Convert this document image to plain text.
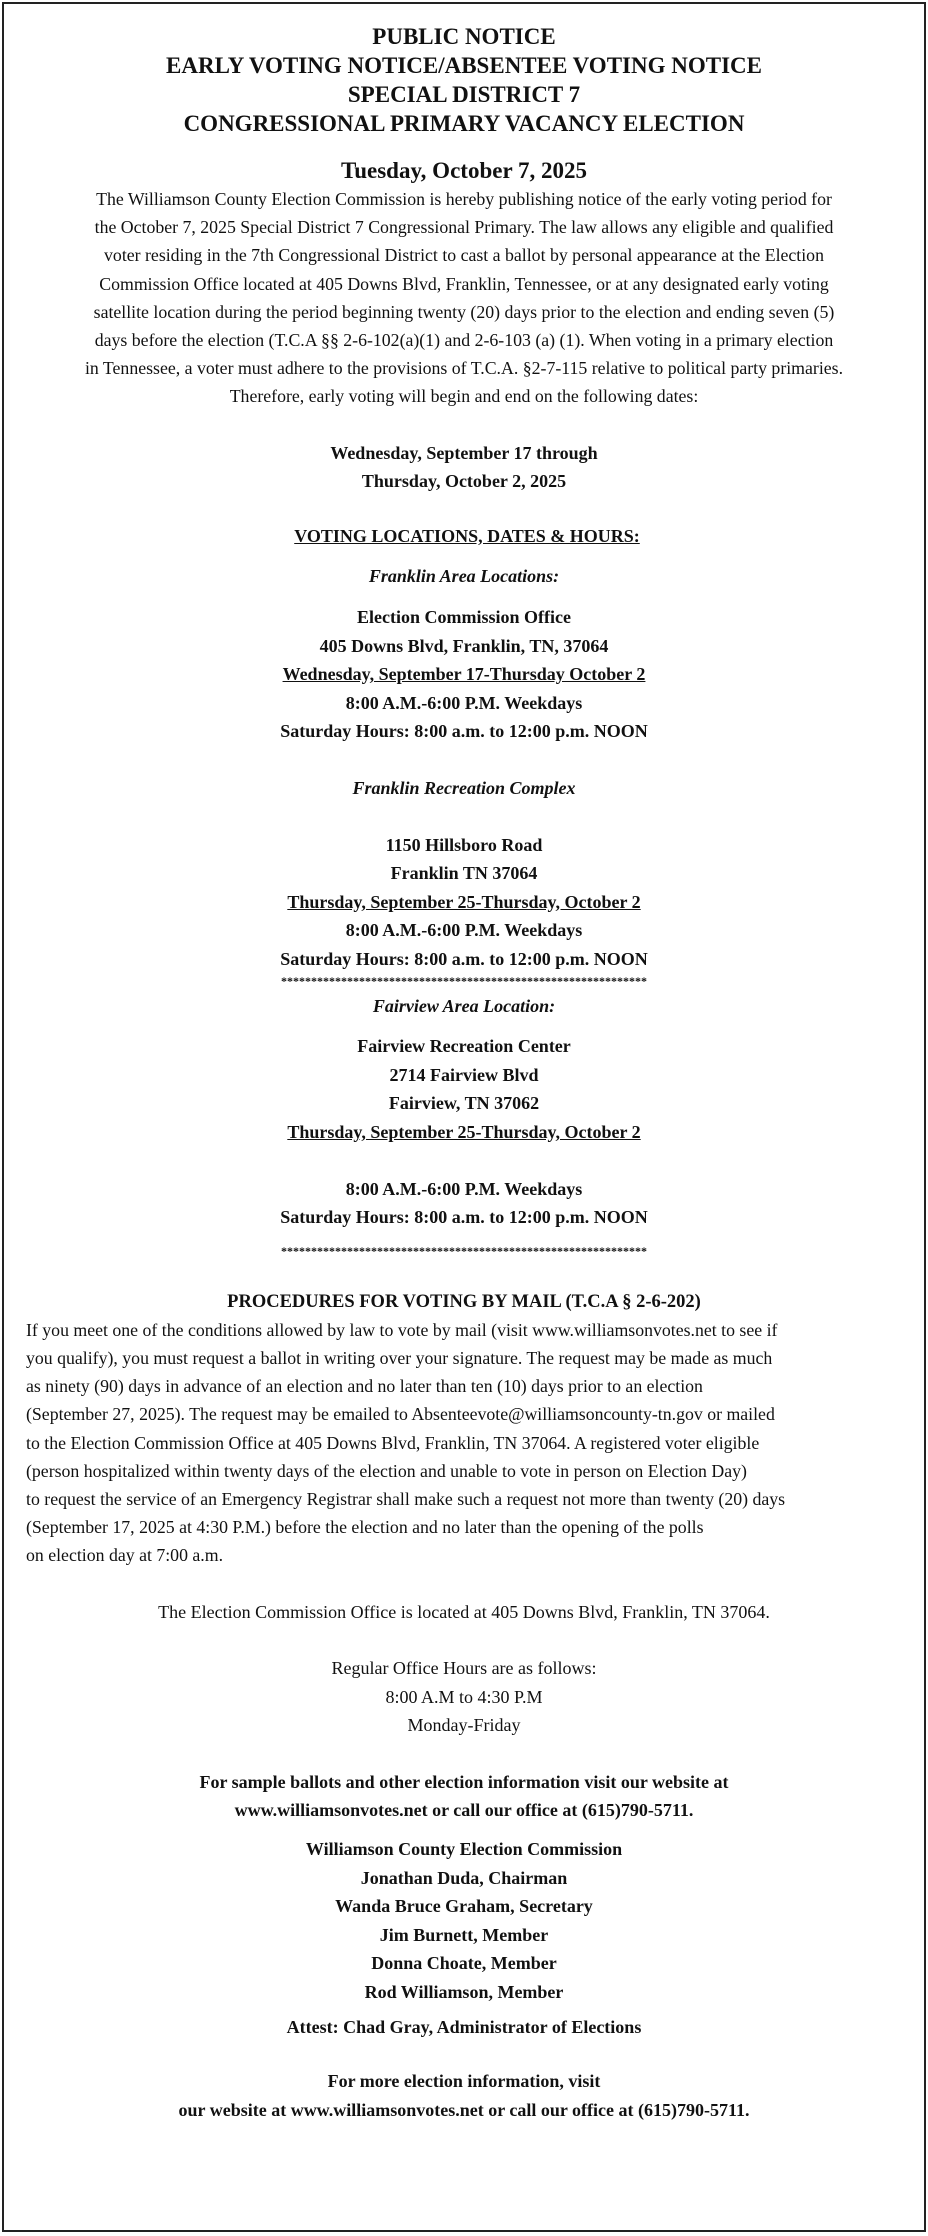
PUBLIC NOTICE
EARLY VOTING NOTICE/ABSENTEE VOTING NOTICE
SPECIAL DISTRICT 7
CONGRESSIONAL PRIMARY VACANCY ELECTION
Tuesday, October 7, 2025
The Williamson County Election Commission is hereby publishing notice of the early voting period for
the October 7, 2025 Special District 7 Congressional Primary. The law allows any eligible and qualified
voter residing in the 7th Congressional District to cast a ballot by personal appearance at the Election
Commission Office located at 405 Downs Blvd, Franklin, Tennessee, or at any designated early voting
satellite location during the period beginning twenty (20) days prior to the election and ending seven (5)
days before the election (T.C.A §§ 2-6-102(a)(1) and 2-6-103 (a) (1). When voting in a primary election
in Tennessee, a voter must adhere to the provisions of T.C.A. §2-7-115 relative to political party primaries.
Therefore, early voting will begin and end on the following dates:
Wednesday, September 17 through
Thursday, October 2, 2025
VOTING LOCATIONS, DATES & HOURS:
Franklin Area Locations:
Election Commission Office
405 Downs Blvd, Franklin, TN, 37064
Wednesday, September 17-Thursday October 2
8:00 A.M.-6:00 P.M. Weekdays
Saturday Hours: 8:00 a.m. to 12:00 p.m. NOON
Franklin Recreation Complex
1150 Hillsboro Road
Franklin TN 37064
Thursday, September 25-Thursday, October 2
8:00 A.M.-6:00 P.M. Weekdays
Saturday Hours: 8:00 a.m. to 12:00 p.m. NOON
*************************************************************
Fairview Area Location:
Fairview Recreation Center
2714 Fairview Blvd
Fairview, TN 37062
Thursday, September 25-Thursday, October 2
8:00 A.M.-6:00 P.M. Weekdays
Saturday Hours: 8:00 a.m. to 12:00 p.m. NOON
*************************************************************
PROCEDURES FOR VOTING BY MAIL (T.C.A § 2-6-202)
If you meet one of the conditions allowed by law to vote by mail (visit www.williamsonvotes.net to see if
you qualify), you must request a ballot in writing over your signature. The request may be made as much
as ninety (90) days in advance of an election and no later than ten (10) days prior to an election
(September 27, 2025). The request may be emailed to Absenteevote@williamsoncounty-tn.gov or mailed
to the Election Commission Office at 405 Downs Blvd, Franklin, TN 37064. A registered voter eligible
(person hospitalized within twenty days of the election and unable to vote in person on Election Day)
to request the service of an Emergency Registrar shall make such a request not more than twenty (20) days
(September 17, 2025 at 4:30 P.M.) before the election and no later than the opening of the polls
on election day at 7:00 a.m.
The Election Commission Office is located at 405 Downs Blvd, Franklin, TN 37064.
Regular Office Hours are as follows:
8:00 A.M to 4:30 P.M
Monday-Friday
For sample ballots and other election information visit our website at
www.williamsonvotes.net or call our office at (615)790-5711.
Williamson County Election Commission
Jonathan Duda, Chairman
Wanda Bruce Graham, Secretary
Jim Burnett, Member
Donna Choate, Member
Rod Williamson, Member
Attest: Chad Gray, Administrator of Elections
For more election information, visit
our website at www.williamsonvotes.net or call our office at (615)790-5711.
